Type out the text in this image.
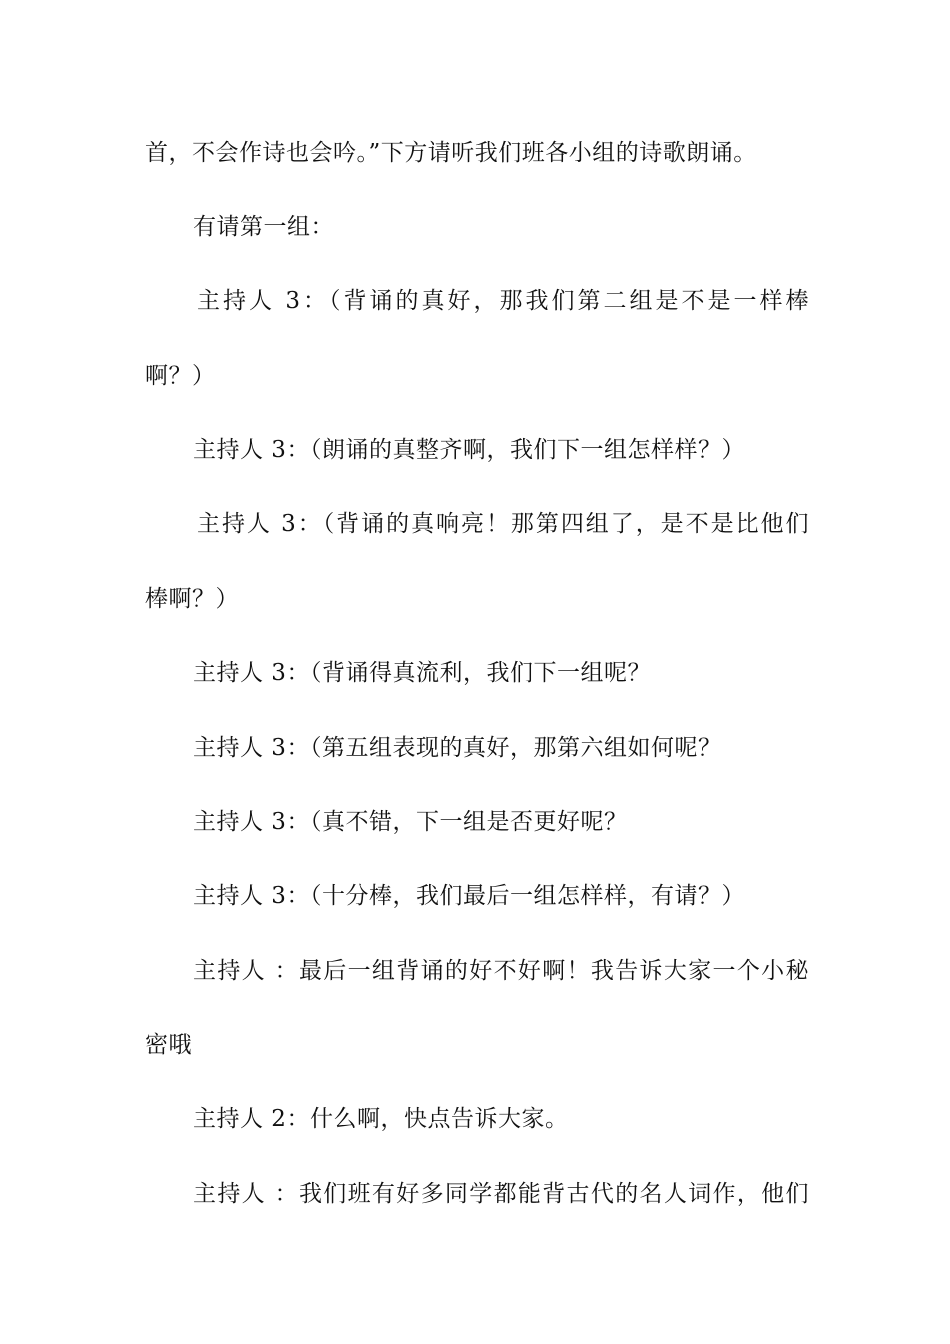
首，不会作诗也会吟。”下方请听我们班各小组的诗歌朗诵。
有请第一组：
主持人 3：（背诵的真好，那我们第二组是不是一样棒
啊？）
主持人 3：（朗诵的真整齐啊，我们下一组怎样样？）
主持人 3：（背诵的真响亮！那第四组了，是不是比他们
棒啊？）
主持人 3：（背诵得真流利，我们下一组呢？
主持人 3：（第五组表现的真好，那第六组如何呢？
主持人 3：（真不错，下一组是否更好呢？
主持人 3：（十分棒，我们最后一组怎样样，有请？）
主持人 ：最后一组背诵的好不好啊！我告诉大家一个小秘
密哦
主持人 2：什么啊，快点告诉大家。
主持人 ：我们班有好多同学都能背古代的名人词作，他们
